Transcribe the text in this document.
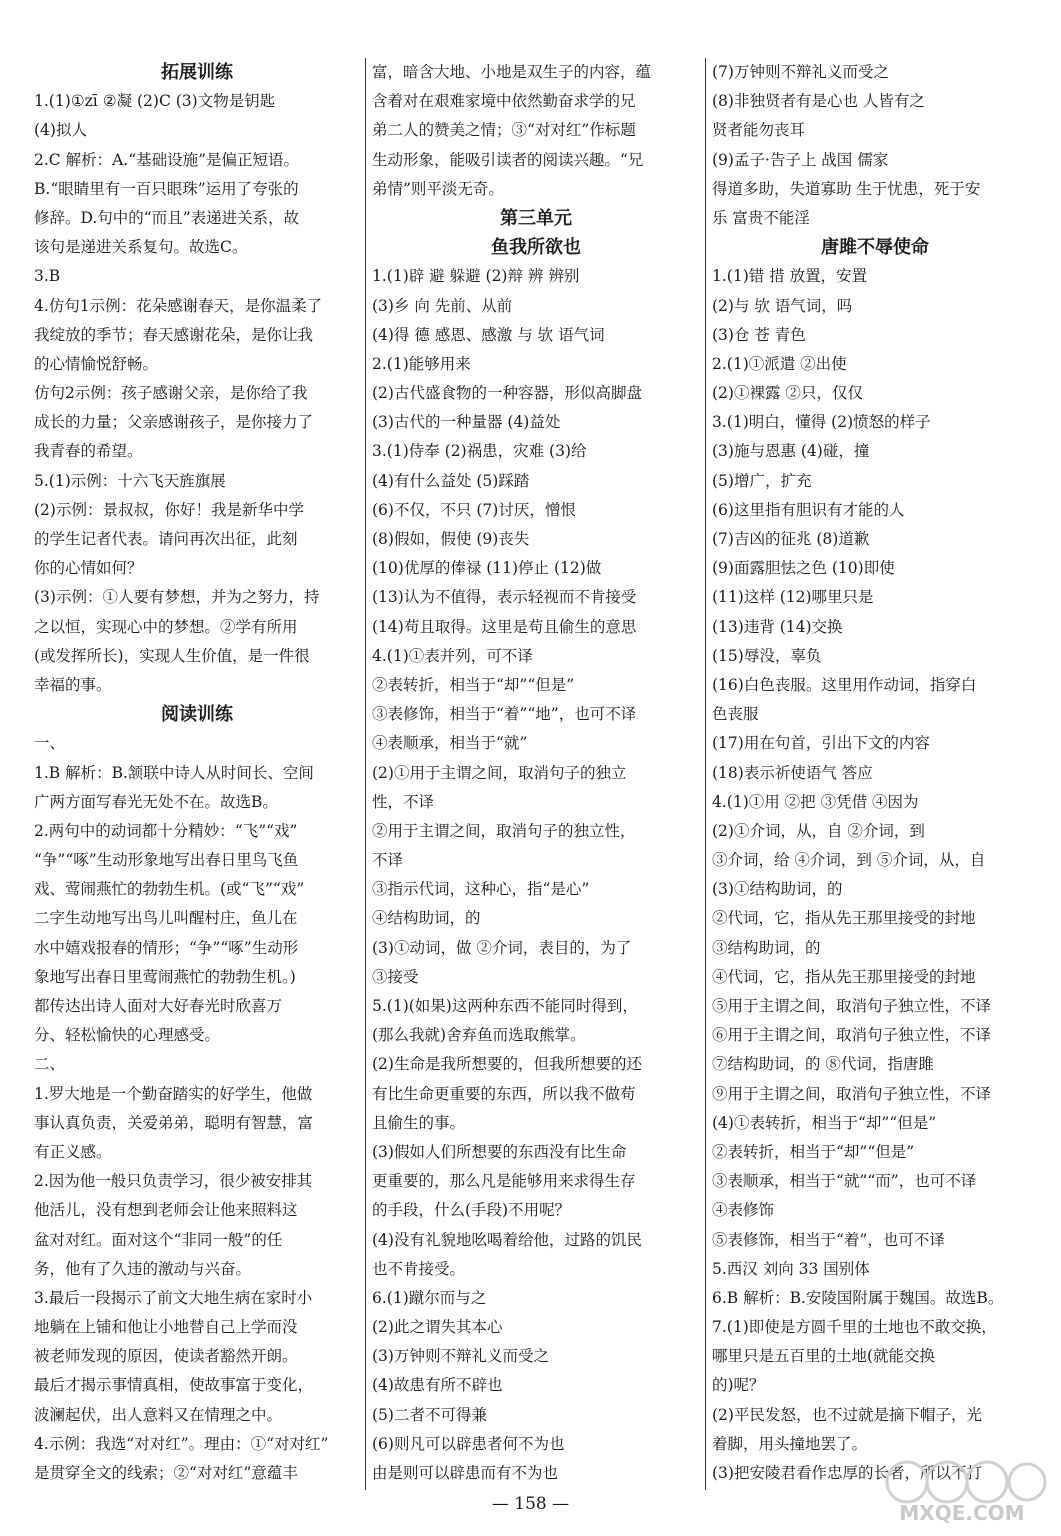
拓展训练
1.(1)①zī ②凝 (2)C (3)文物是钥匙
(4)拟人
2.C 解析：A.“基础设施”是偏正短语。
B.“眼睛里有一百只眼珠”运用了夸张的
修辞。D.句中的“而且”表递进关系，故
该句是递进关系复句。故选C。
3.B
4.仿句1示例：花朵感谢春天，是你温柔了
我绽放的季节；春天感谢花朵，是你让我
的心情愉悦舒畅。
仿句2示例：孩子感谢父亲，是你给了我
成长的力量；父亲感谢孩子，是你接力了
我青春的希望。
5.(1)示例：十六飞天旌旗展
(2)示例：景叔叔，你好！我是新华中学
的学生记者代表。请问再次出征，此刻
你的心情如何？
(3)示例：①人要有梦想，并为之努力，持
之以恒，实现心中的梦想。②学有所用
(或发挥所长)，实现人生价值，是一件很
幸福的事。
阅读训练
一、
1.B 解析：B.颔联中诗人从时间长、空间
广两方面写春光无处不在。故选B。
2.两句中的动词都十分精妙：“飞”“戏”
“争”“啄”生动形象地写出春日里鸟飞鱼
戏、莺闹燕忙的勃勃生机。(或“飞”“戏”
二字生动地写出鸟儿叫醒村庄，鱼儿在
水中嬉戏报春的情形；“争”“啄”生动形
象地写出春日里莺闹燕忙的勃勃生机。)
都传达出诗人面对大好春光时欣喜万
分、轻松愉快的心理感受。
二、
1.罗大地是一个勤奋踏实的好学生，他做
事认真负责，关爱弟弟，聪明有智慧，富
有正义感。
2.因为他一般只负责学习，很少被安排其
他活儿，没有想到老师会让他来照料这
盆对对红。面对这个“非同一般”的任
务，他有了久违的激动与兴奋。
3.最后一段揭示了前文大地生病在家时小
地躺在上铺和他让小地替自己上学而没
被老师发现的原因，使读者豁然开朗。
最后才揭示事情真相，使故事富于变化，
波澜起伏，出人意料又在情理之中。
4.示例：我选“对对红”。理由：①“对对红”
是贯穿全文的线索；②“对对红”意蕴丰
富，暗含大地、小地是双生子的内容，蕴
含着对在艰难家境中依然勤奋求学的兄
弟二人的赞美之情；③“对对红”作标题
生动形象，能吸引读者的阅读兴趣。“兄
弟情”则平淡无奇。
第三单元
鱼我所欲也
1.(1)辟 避 躲避 (2)辩 辨 辨别
(3)乡 向 先前、从前
(4)得 德 感恩、感激 与 欤 语气词
2.(1)能够用来
(2)古代盛食物的一种容器，形似高脚盘
(3)古代的一种量器 (4)益处
3.(1)侍奉 (2)祸患，灾难 (3)给
(4)有什么益处 (5)踩踏
(6)不仅，不只 (7)讨厌，憎恨
(8)假如，假使 (9)丧失
(10)优厚的俸禄 (11)停止 (12)做
(13)认为不值得，表示轻视而不肯接受
(14)苟且取得。这里是苟且偷生的意思
4.(1)①表并列，可不译
②表转折，相当于“却”“但是”
③表修饰，相当于“着”“地”，也可不译
④表顺承，相当于“就”
(2)①用于主谓之间，取消句子的独立
性，不译
②用于主谓之间，取消句子的独立性，
不译
③指示代词，这种心，指“是心”
④结构助词，的
(3)①动词，做 ②介词，表目的，为了
③接受
5.(1)(如果)这两种东西不能同时得到，
(那么我就)舍弃鱼而选取熊掌。
(2)生命是我所想要的，但我所想要的还
有比生命更重要的东西，所以我不做苟
且偷生的事。
(3)假如人们所想要的东西没有比生命
更重要的，那么凡是能够用来求得生存
的手段，什么(手段)不用呢？
(4)没有礼貌地吆喝着给他，过路的饥民
也不肯接受。
6.(1)蹴尔而与之
(2)此之谓失其本心
(3)万钟则不辩礼义而受之
(4)故患有所不辟也
(5)二者不可得兼
(6)则凡可以辟患者何不为也
由是则可以辟患而有不为也
(7)万钟则不辩礼义而受之
(8)非独贤者有是心也 人皆有之
贤者能勿丧耳
(9)孟子·告子上 战国 儒家
得道多助，失道寡助 生于忧患，死于安
乐 富贵不能淫
唐雎不辱使命
1.(1)错 措 放置，安置
(2)与 欤 语气词，吗
(3)仓 苍 青色
2.(1)①派遣 ②出使
(2)①裸露 ②只，仅仅
3.(1)明白，懂得 (2)愤怒的样子
(3)施与恩惠 (4)碰，撞
(5)增广，扩充
(6)这里指有胆识有才能的人
(7)吉凶的征兆 (8)道歉
(9)面露胆怯之色 (10)即使
(11)这样 (12)哪里只是
(13)违背 (14)交换
(15)辱没，辜负
(16)白色丧服。这里用作动词，指穿白
色丧服
(17)用在句首，引出下文的内容
(18)表示祈使语气 答应
4.(1)①用 ②把 ③凭借 ④因为
(2)①介词，从，自 ②介词，到
③介词，给 ④介词，到 ⑤介词，从，自
(3)①结构助词，的
②代词，它，指从先王那里接受的封地
③结构助词，的
④代词，它，指从先王那里接受的封地
⑤用于主谓之间，取消句子独立性，不译
⑥用于主谓之间，取消句子独立性，不译
⑦结构助词，的 ⑧代词，指唐雎
⑨用于主谓之间，取消句子独立性，不译
(4)①表转折，相当于“却”“但是”
②表转折，相当于“却”“但是”
③表顺承，相当于“就”“而”，也可不译
④表修饰
⑤表修饰，相当于“着”，也可不译
5.西汉 刘向 33 国别体
6.B 解析：B.安陵国附属于魏国。故选B。
7.(1)即使是方圆千里的土地也不敢交换，
哪里只是五百里的土地(就能交换
的)呢？
(2)平民发怒，也不过就是摘下帽子，光
着脚，用头撞地罢了。
(3)把安陵君看作忠厚的长者，所以不打
— 158 —	MXQE.COM
